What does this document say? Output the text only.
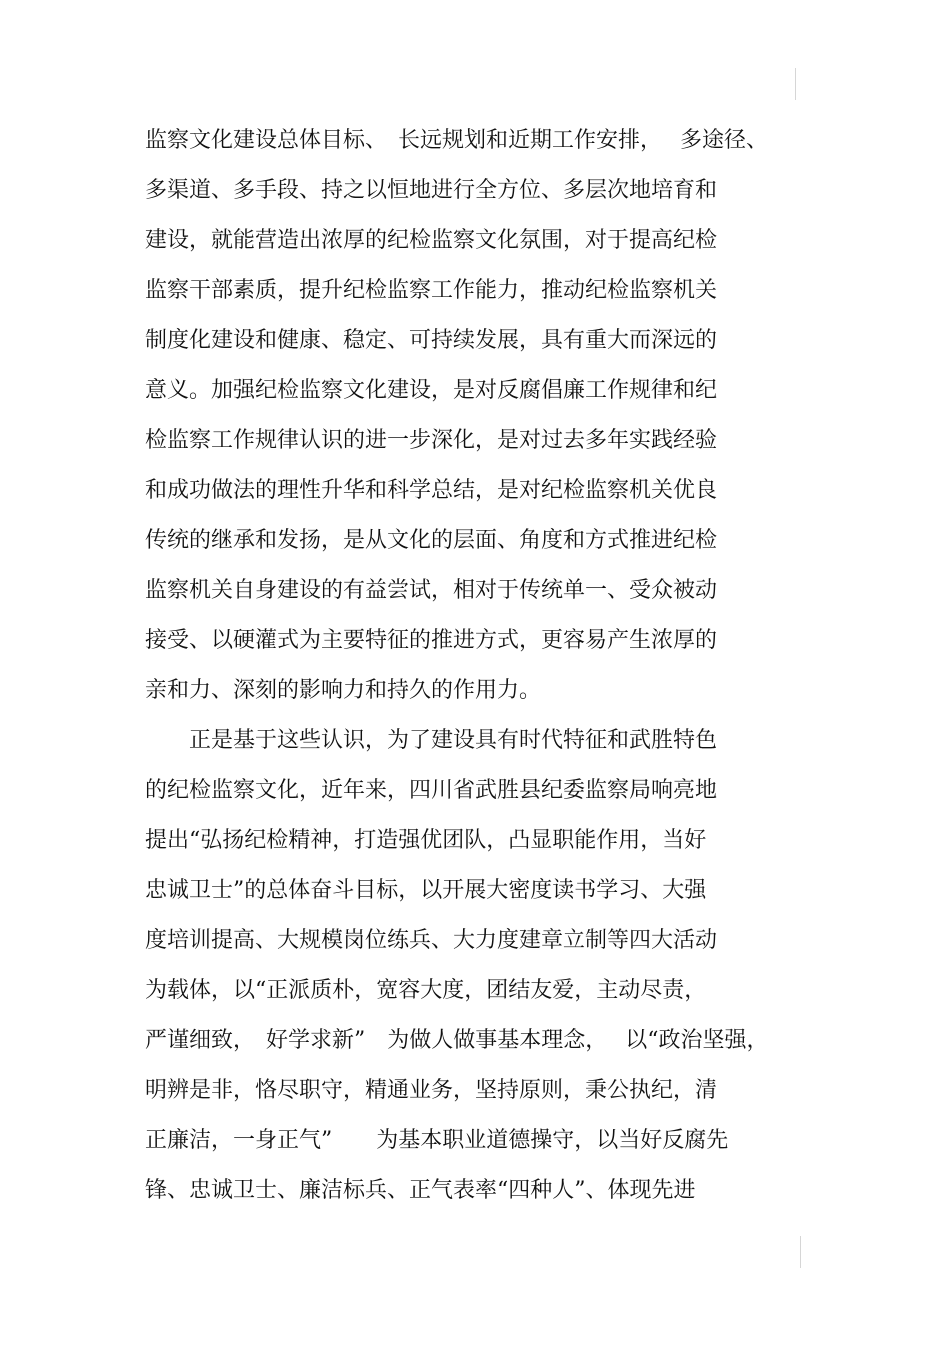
监察文化建设总体目标、　长远规划和近期工作安排，　 多途径、
多渠道、多手段、持之以恒地进行全方位、多层次地培育和
建设，就能营造出浓厚的纪检监察文化氛围，对于提高纪检
监察干部素质，提升纪检监察工作能力，推动纪检监察机关
制度化建设和健康、稳定、可持续发展，具有重大而深远的
意义。加强纪检监察文化建设，是对反腐倡廉工作规律和纪
检监察工作规律认识的进一步深化，是对过去多年实践经验
和成功做法的理性升华和科学总结，是对纪检监察机关优良
传统的继承和发扬，是从文化的层面、角度和方式推进纪检
监察机关自身建设的有益尝试，相对于传统单一、受众被动
接受、以硬灌式为主要特征的推进方式，更容易产生浓厚的
亲和力、深刻的影响力和持久的作用力。
　　正是基于这些认识，为了建设具有时代特征和武胜特色
的纪检监察文化，近年来，四川省武胜县纪委监察局响亮地
提出“弘扬纪检精神，打造强优团队，凸显职能作用，当好
忠诚卫士”的总体奋斗目标，以开展大密度读书学习、大强
度培训提高、大规模岗位练兵、大力度建章立制等四大活动
为载体，以“正派质朴，宽容大度，团结友爱，主动尽责，
严谨细致，　好学求新”　为做人做事基本理念，　 以“政治坚强，
明辨是非，恪尽职守，精通业务，坚持原则，秉公执纪，清
正廉洁，一身正气”　　为基本职业道德操守，以当好反腐先
锋、忠诚卫士、廉洁标兵、正气表率“四种人”、体现先进
